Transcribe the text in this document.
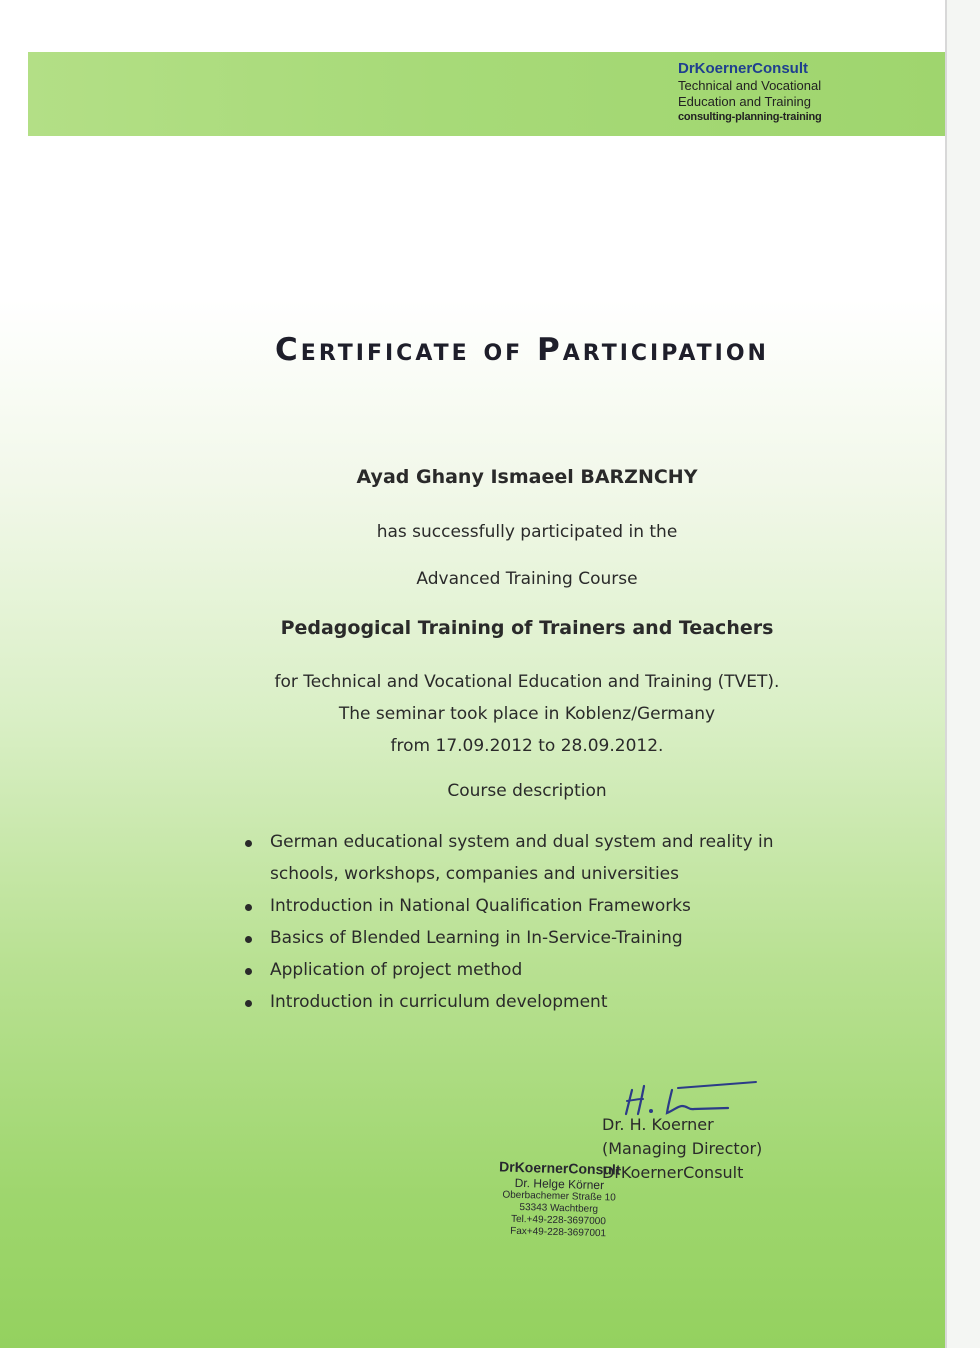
DrKoernerConsult
Technical and Vocational
Education and Training
consulting-planning-training
Certificate of Participation
Ayad Ghany Ismaeel BARZNCHY
has successfully participated in the
Advanced Training Course
Pedagogical Training of Trainers and Teachers
for Technical and Vocational Education and Training (TVET).
The seminar took place in Koblenz/Germany
from 17.09.2012 to 28.09.2012.
Course description
German educational system and dual system and reality in schools, workshops, companies and universities
Introduction in National Qualification Frameworks
Basics of Blended Learning in In-Service-Training
Application of project method
Introduction in curriculum development
Dr. H. Koerner
(Managing Director)
DrKoernerConsult
DrKoernerConsult
Dr. Helge Körner
Oberbachemer Straße 10
53343 Wachtberg
Tel.+49-228-3697000
Fax+49-228-3697001
